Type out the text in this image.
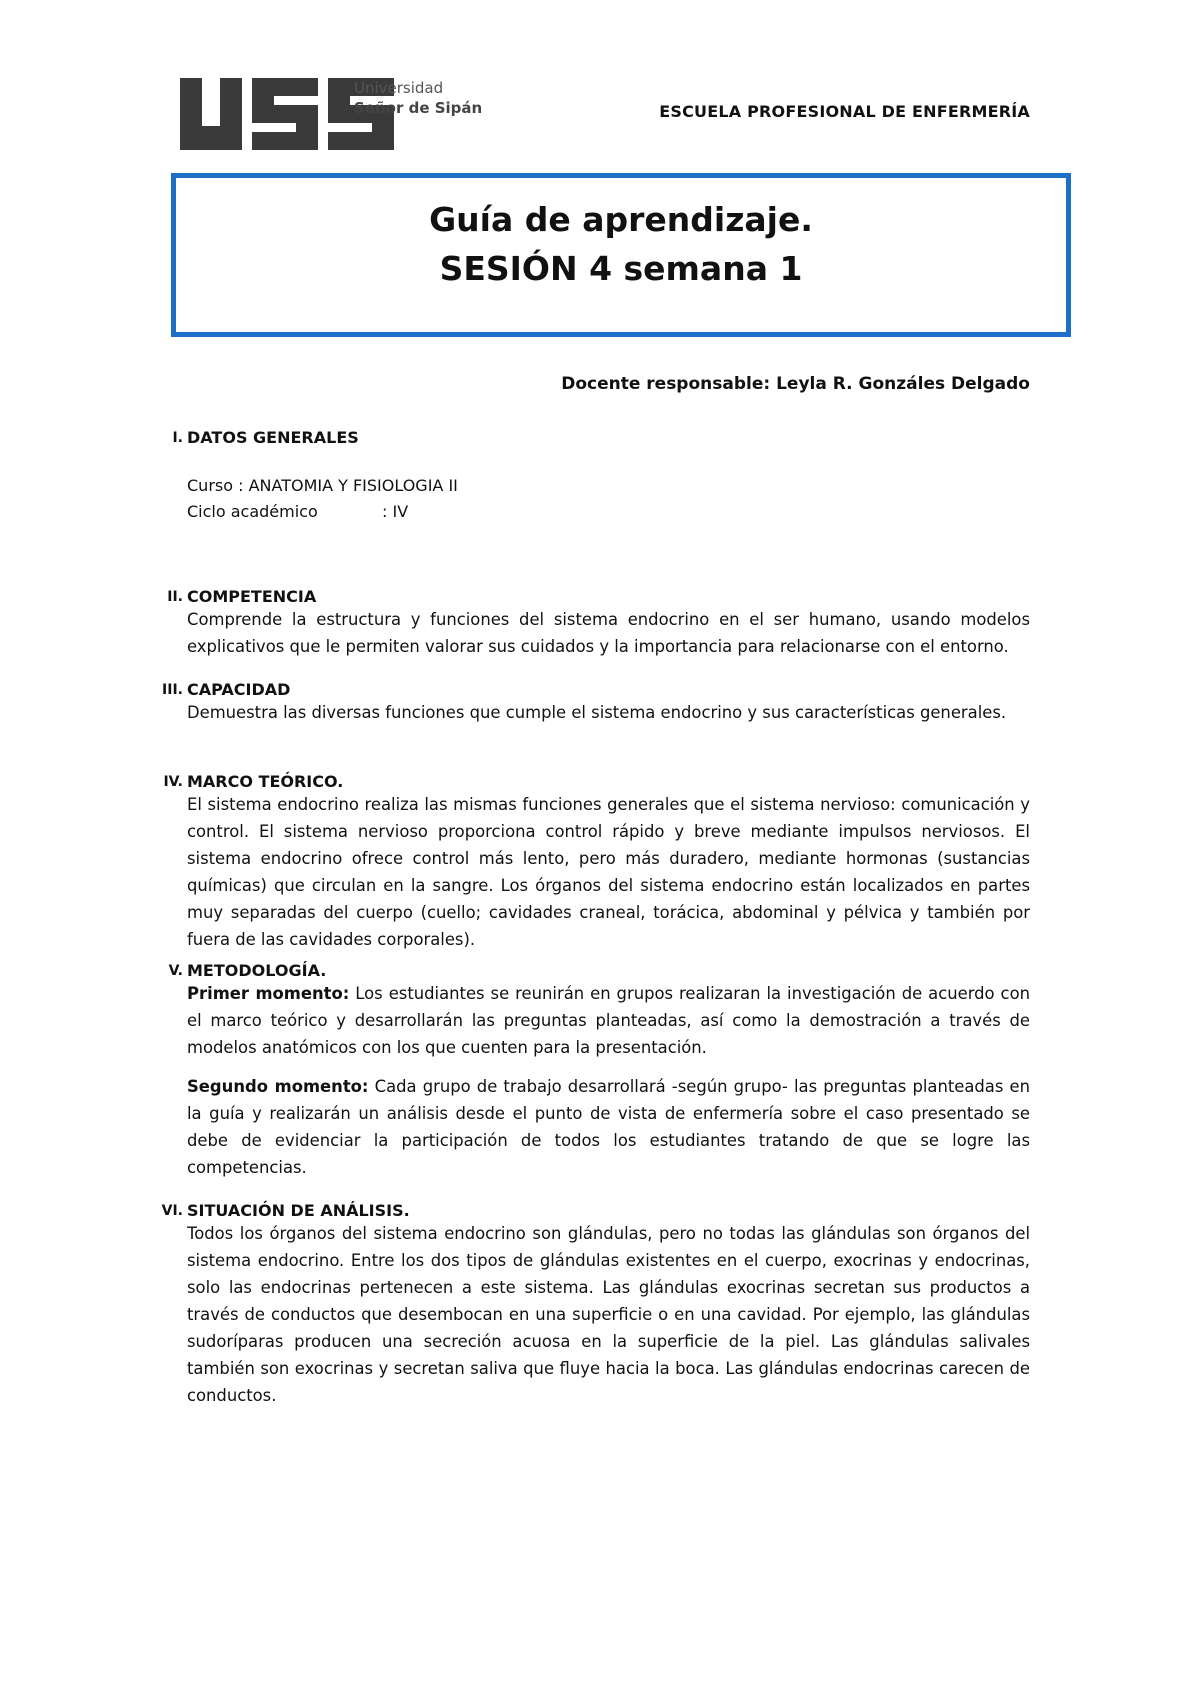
Universidad
Señor de Sipán	ESCUELA PROFESIONAL DE ENFERMERÍA
Guía de aprendizaje.
SESIÓN 4 semana 1
Docente responsable: Leyla R. Gonzáles Delgado
I. DATOS GENERALES
Curso : ANATOMIA Y FISIOLOGIA II
Ciclo académico	: IV
II. COMPETENCIA
Comprende la estructura y funciones del sistema endocrino en el ser humano, usando modelos explicativos que le permiten valorar sus cuidados y la importancia para relacionarse con el entorno.
III. CAPACIDAD
Demuestra las diversas funciones que cumple el sistema endocrino y sus características generales.
IV. MARCO TEÓRICO.
El sistema endocrino realiza las mismas funciones generales que el sistema nervioso: comunicación y control. El sistema nervioso proporciona control rápido y breve mediante impulsos nerviosos. El sistema endocrino ofrece control más lento, pero más duradero, mediante hormonas (sustancias químicas) que circulan en la sangre. Los órganos del sistema endocrino están localizados en partes muy separadas del cuerpo (cuello; cavidades craneal, torácica, abdominal y pélvica y también por fuera de las cavidades corporales).
V. METODOLOGÍA.
Primer momento: Los estudiantes se reunirán en grupos realizaran la investigación de acuerdo con el marco teórico y desarrollarán las preguntas planteadas, así como la demostración a través de modelos anatómicos con los que cuenten para la presentación.
Segundo momento: Cada grupo de trabajo desarrollará -según grupo- las preguntas planteadas en la guía y realizarán un análisis desde el punto de vista de enfermería sobre el caso presentado se debe de evidenciar la participación de todos los estudiantes tratando de que se logre las competencias.
VI. SITUACIÓN DE ANÁLISIS.
Todos los órganos del sistema endocrino son glándulas, pero no todas las glándulas son órganos del sistema endocrino. Entre los dos tipos de glándulas existentes en el cuerpo, exocrinas y endocrinas, solo las endocrinas pertenecen a este sistema. Las glándulas exocrinas secretan sus productos a través de conductos que desembocan en una superficie o en una cavidad. Por ejemplo, las glándulas sudoríparas producen una secreción acuosa en la superficie de la piel. Las glándulas salivales también son exocrinas y secretan saliva que fluye hacia la boca. Las glándulas endocrinas carecen de conductos.
